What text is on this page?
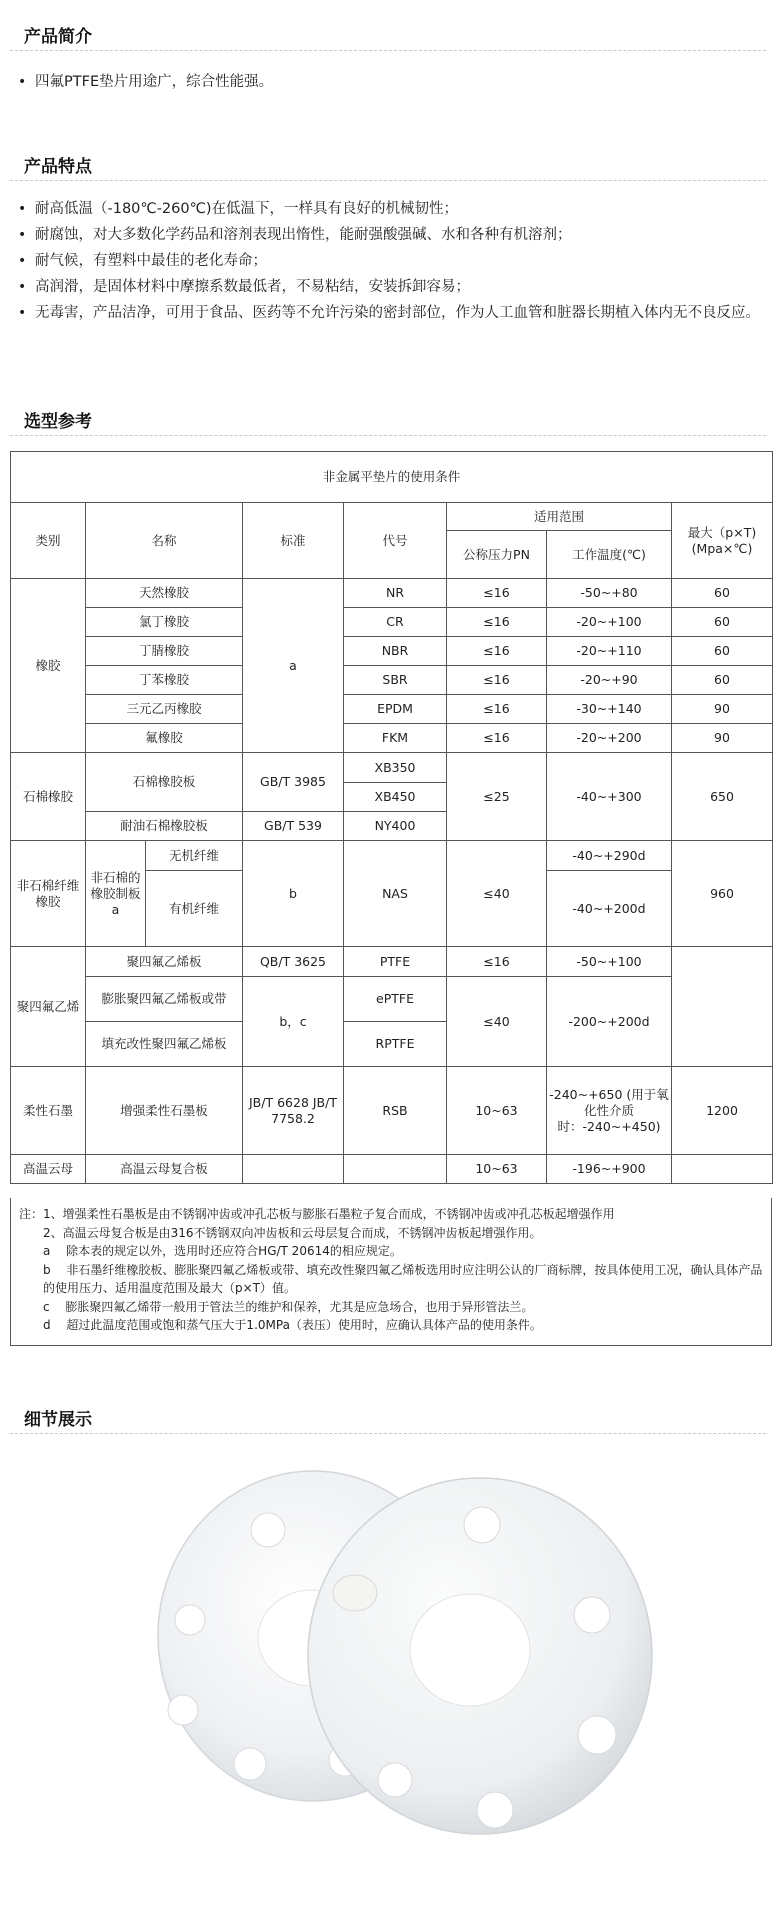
产品简介
• 四氟PTFE垫片用途广，综合性能强。
产品特点
• 耐高低温（-180℃-260℃)在低温下，一样具有良好的机械韧性；
• 耐腐蚀，对大多数化学药品和溶剂表现出惰性，能耐强酸强碱、水和各种有机溶剂；
• 耐气候，有塑料中最佳的老化寿命；
• 高润滑，是固体材料中摩擦系数最低者，不易粘结，安装拆卸容易；
• 无毒害，产品洁净，可用于食品、医药等不允许污染的密封部位，作为人工血管和脏器长期植入体内无不良反应。
选型参考
非金属平垫片的使用条件							
类别	名称		标准	代号	适用范围		最大（p×T)(Mpa×℃)
					公称压力PN	工作温度(℃)	
橡胶	天然橡胶		a	NR	≤16	-50~+80	60
	氯丁橡胶			CR	≤16	-20~+100	60
	丁腈橡胶			NBR	≤16	-20~+110	60
	丁苯橡胶			SBR	≤16	-20~+90	60
	三元乙丙橡胶			EPDM	≤16	-30~+140	90
	氟橡胶			FKM	≤16	-20~+200	90
石棉橡胶	石棉橡胶板		GB/T 3985	XB350	≤25	-40~+300	650
				XB450			
	耐油石棉橡胶板		GB/T 539	NY400			
非石棉纤维橡胶	非石棉的橡胶制板a	无机纤维	b	NAS	≤40	-40~+290d	960
		有机纤维				-40~+200d	
聚四氟乙烯	聚四氟乙烯板		QB/T 3625	PTFE	≤16	-50~+100	
	膨胀聚四氟乙烯板或带		b，c	ePTFE	≤40	-200~+200d	
	填充改性聚四氟乙烯板			RPTFE			
柔性石墨	增强柔性石墨板		JB/T 6628 JB/T 7758.2	RSB	10~63	-240~+650 (用于氧化性介质时：-240~+450)	1200
高温云母	高温云母复合板				10~63	-196~+900	

注：1、增强柔性石墨板是由不锈钢冲齿或冲孔芯板与膨胀石墨粒子复合而成，不锈钢冲齿或冲孔芯板起增强作用

2、高温云母复合板是由316不锈钢双向冲齿板和云母层复合而成，不锈钢冲齿板起增强作用。

a　 除本表的规定以外，选用时还应符合HG/T 20614的相应规定。

b　 非石墨纤维橡胶板、膨胀聚四氟乙烯板或带、填充改性聚四氟乙烯板选用时应注明公认的厂商标牌，按具体使用工况，确认具体产品的使用压力、适用温度范围及最大（p×T）值。

c　 膨胀聚四氟乙烯带一般用于管法兰的维护和保养，尤其是应急场合，也用于异形管法兰。

d　 超过此温度范围或饱和蒸气压大于1.0MPa（表压）使用时，应确认具体产品的使用条件。

细节展示
